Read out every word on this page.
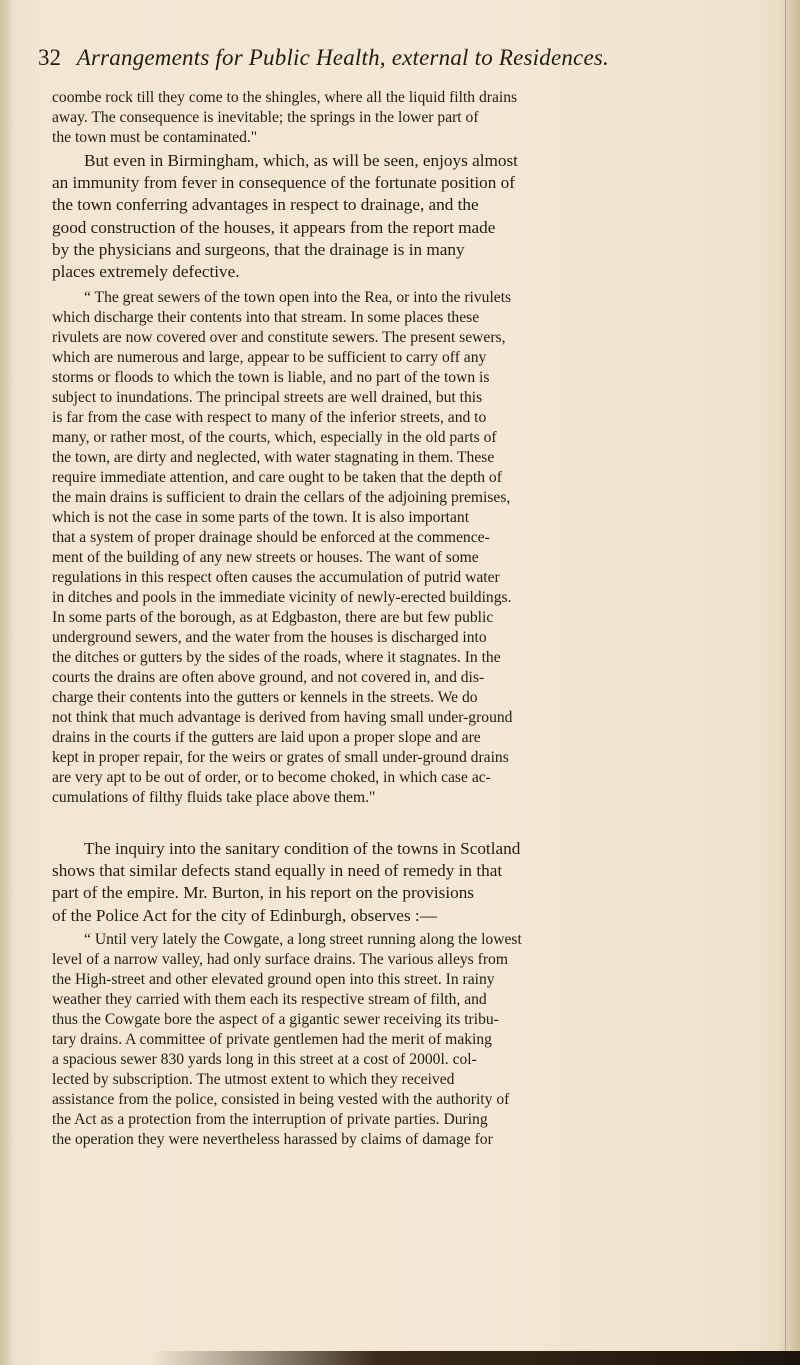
32 Arrangements for Public Health, external to Residences.
coombe rock till they come to the shingles, where all the liquid filth drains
away. The consequence is inevitable; the springs in the lower part of
the town must be contaminated."
But even in Birmingham, which, as will be seen, enjoys almost
an immunity from fever in consequence of the fortunate position of
the town conferring advantages in respect to drainage, and the
good construction of the houses, it appears from the report made
by the physicians and surgeons, that the drainage is in many
places extremely defective.
“ The great sewers of the town open into the Rea, or into the rivulets
which discharge their contents into that stream. In some places these
rivulets are now covered over and constitute sewers. The present sewers,
which are numerous and large, appear to be sufficient to carry off any
storms or floods to which the town is liable, and no part of the town is
subject to inundations. The principal streets are well drained, but this
is far from the case with respect to many of the inferior streets, and to
many, or rather most, of the courts, which, especially in the old parts of
the town, are dirty and neglected, with water stagnating in them. These
require immediate attention, and care ought to be taken that the depth of
the main drains is sufficient to drain the cellars of the adjoining premises,
which is not the case in some parts of the town. It is also important
that a system of proper drainage should be enforced at the commence-
ment of the building of any new streets or houses. The want of some
regulations in this respect often causes the accumulation of putrid water
in ditches and pools in the immediate vicinity of newly-erected buildings.
In some parts of the borough, as at Edgbaston, there are but few public
underground sewers, and the water from the houses is discharged into
the ditches or gutters by the sides of the roads, where it stagnates. In the
courts the drains are often above ground, and not covered in, and dis-
charge their contents into the gutters or kennels in the streets. We do
not think that much advantage is derived from having small under-ground
drains in the courts if the gutters are laid upon a proper slope and are
kept in proper repair, for the weirs or grates of small under-ground drains
are very apt to be out of order, or to become choked, in which case ac-
cumulations of filthy fluids take place above them."
The inquiry into the sanitary condition of the towns in Scotland
shows that similar defects stand equally in need of remedy in that
part of the empire. Mr. Burton, in his report on the provisions
of the Police Act for the city of Edinburgh, observes :—
“ Until very lately the Cowgate, a long street running along the lowest
level of a narrow valley, had only surface drains. The various alleys from
the High-street and other elevated ground open into this street. In rainy
weather they carried with them each its respective stream of filth, and
thus the Cowgate bore the aspect of a gigantic sewer receiving its tribu-
tary drains. A committee of private gentlemen had the merit of making
a spacious sewer 830 yards long in this street at a cost of 2000l. col-
lected by subscription. The utmost extent to which they received
assistance from the police, consisted in being vested with the authority of
the Act as a protection from the interruption of private parties. During
the operation they were nevertheless harassed by claims of damage for
